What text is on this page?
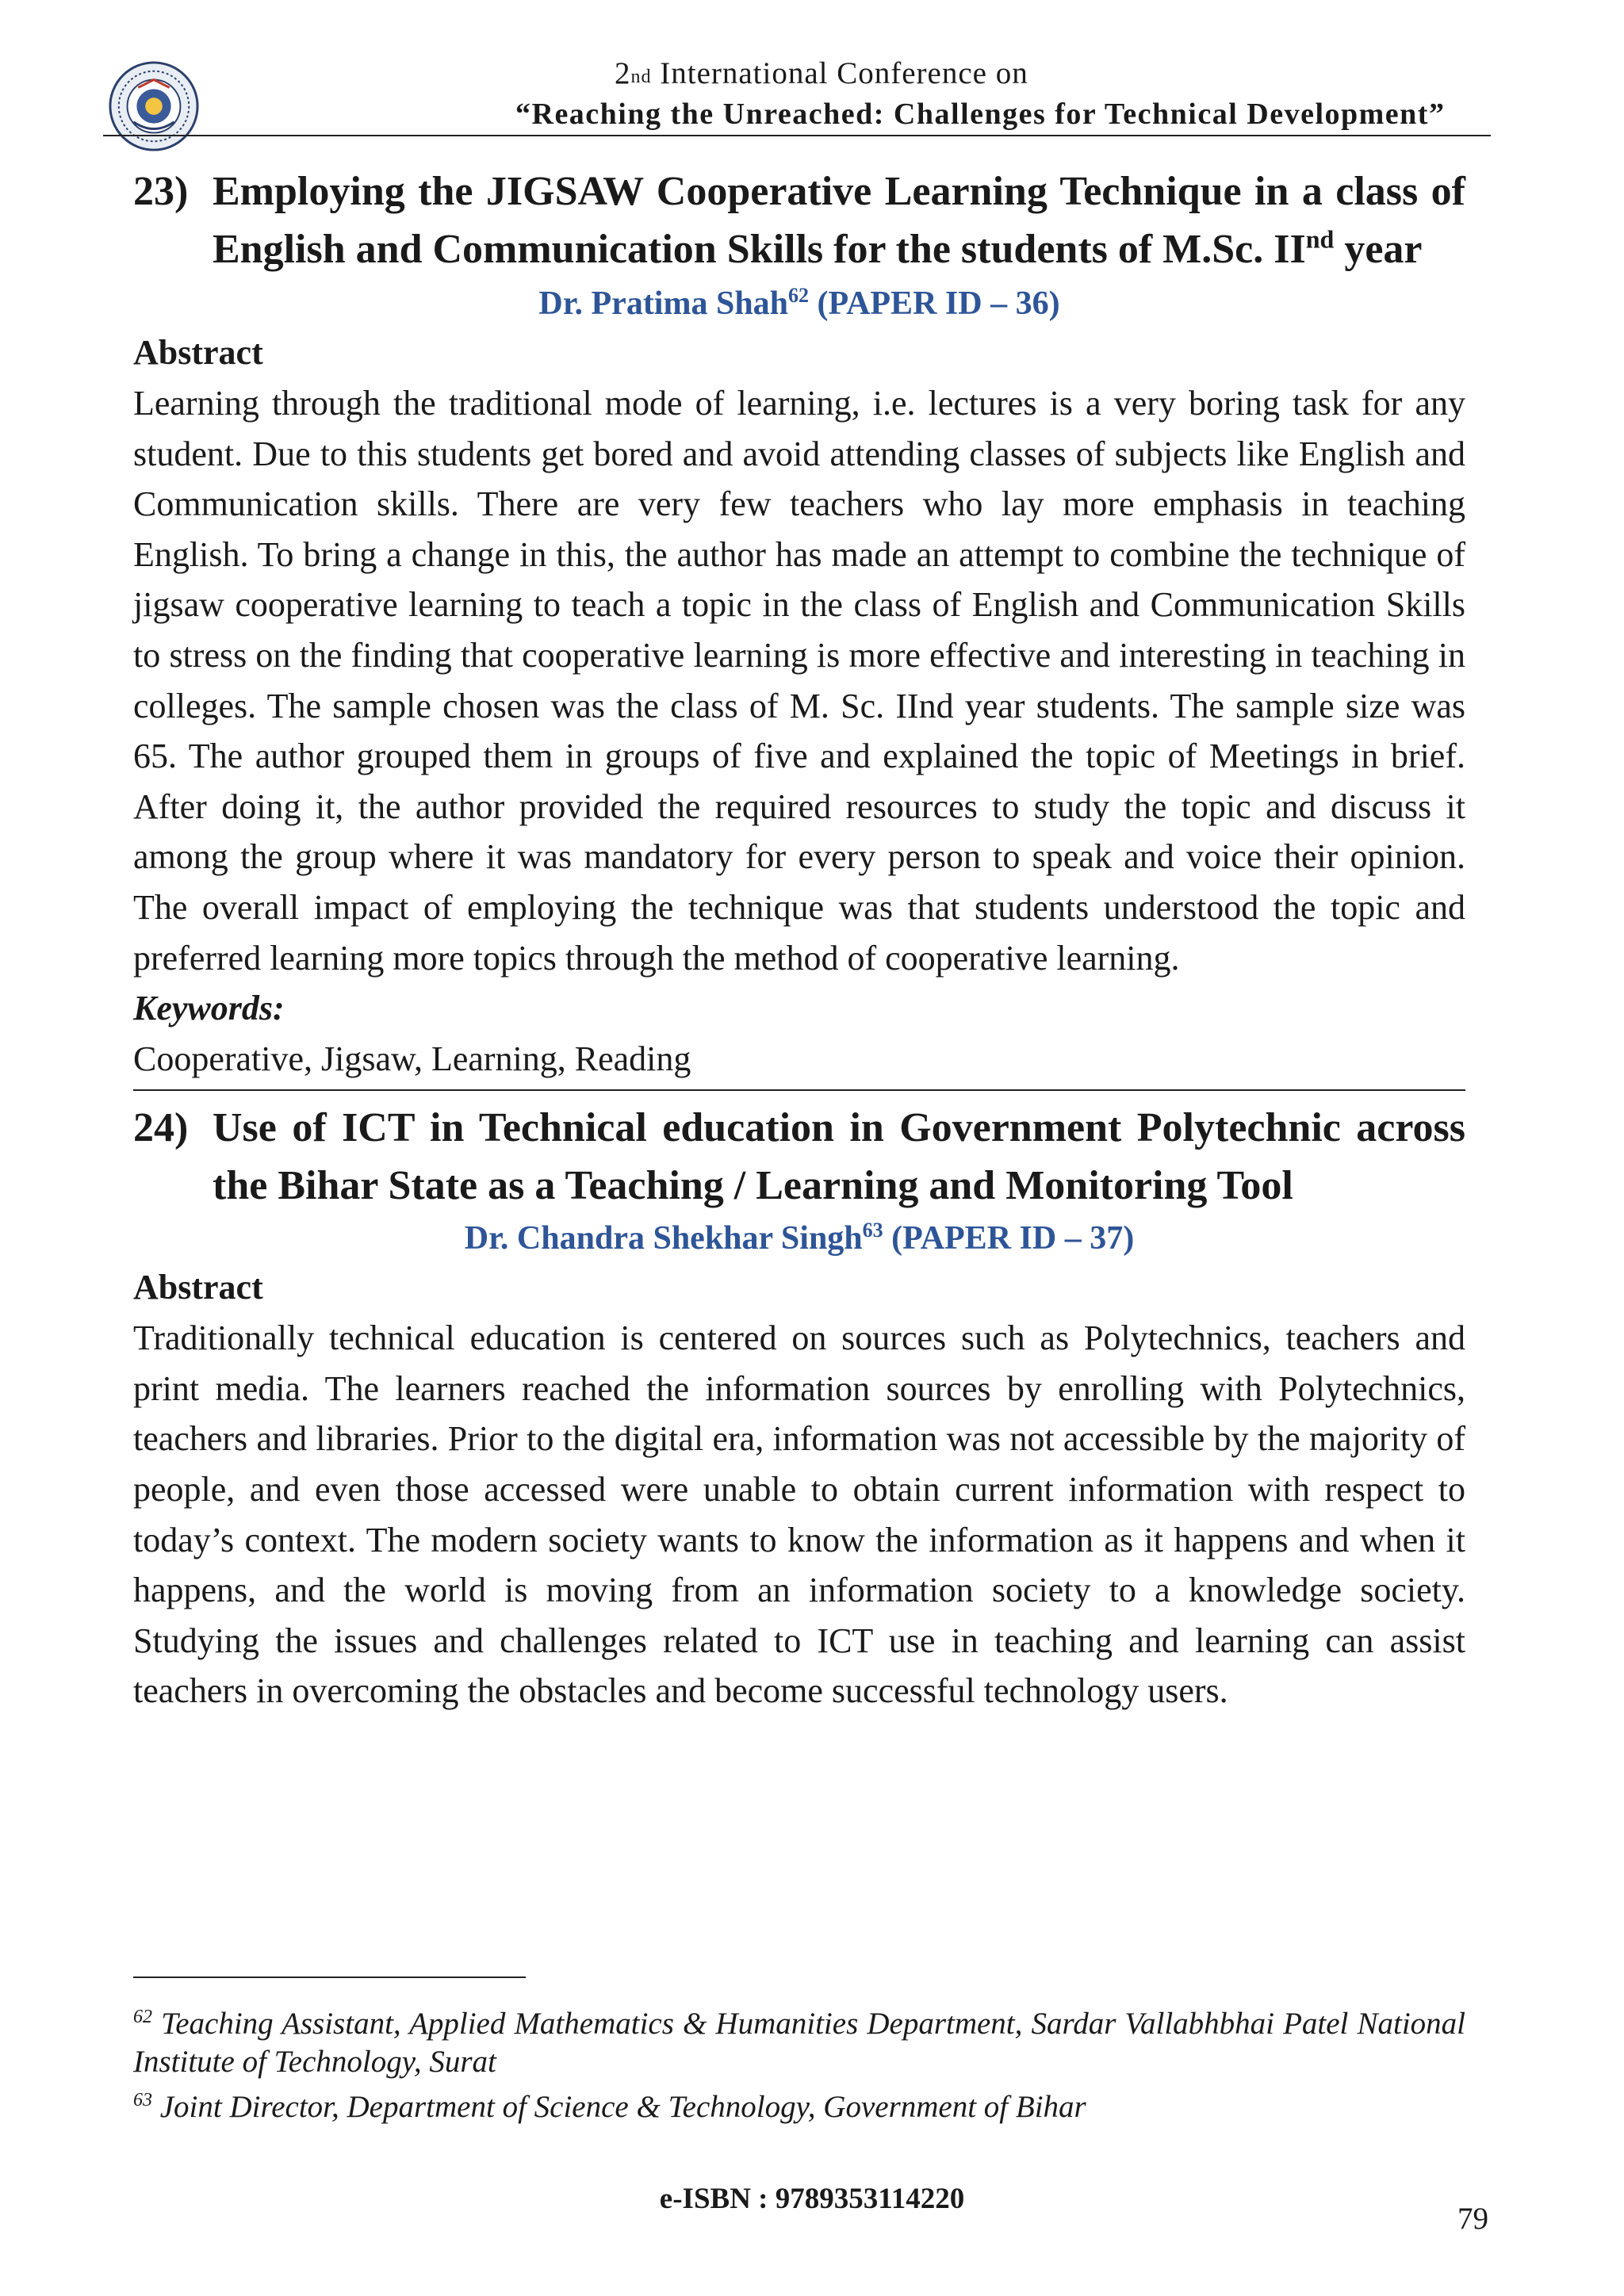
$2_{nd}$ International Conference on
“Reaching the Unreached: Challenges for Technical Development”
23) Employing the JIGSAW Cooperative Learning Technique in a class of English and Communication Skills for the students of M.Sc. IInd year

Dr. Pratima Shah$^{62}$ (PAPER ID – 36)

Abstract

Learning through the traditional mode of learning, i.e. lectures is a very boring task for any student. Due to this students get bored and avoid attending classes of subjects like English and Communication skills. There are very few teachers who lay more emphasis in teaching English. To bring a change in this, the author has made an attempt to combine the technique of jigsaw cooperative learning to teach a topic in the class of English and Communication Skills to stress on the finding that cooperative learning is more effective and interesting in teaching in colleges. The sample chosen was the class of M. Sc. IInd year students. The sample size was 65. The author grouped them in groups of five and explained the topic of Meetings in brief. After doing it, the author provided the required resources to study the topic and discuss it among the group where it was mandatory for every person to speak and voice their opinion. The overall impact of employing the technique was that students understood the topic and preferred learning more topics through the method of cooperative learning.

Keywords:

Cooperative, Jigsaw, Learning, Reading

24) Use of ICT in Technical education in Government Polytechnic across the Bihar State as a Teaching / Learning and Monitoring Tool

Dr. Chandra Shekhar Singh$^{63}$ (PAPER ID – 37)

Abstract

Traditionally technical education is centered on sources such as Polytechnics, teachers and print media. The learners reached the information sources by enrolling with Polytechnics, teachers and libraries. Prior to the digital era, information was not accessible by the majority of people, and even those accessed were unable to obtain current information with respect to today’s context. The modern society wants to know the information as it happens and when it happens, and the world is moving from an information society to a knowledge society. Studying the issues and challenges related to ICT use in teaching and learning can assist teachers in overcoming the obstacles and become successful technology users.

$^{62}$ Teaching Assistant, Applied Mathematics & Humanities Department, Sardar Vallabhbhai Patel National Institute of Technology, Surat

$^{63}$ Joint Director, Department of Science & Technology, Government of Bihar

e-ISBN : 9789353114220
79
